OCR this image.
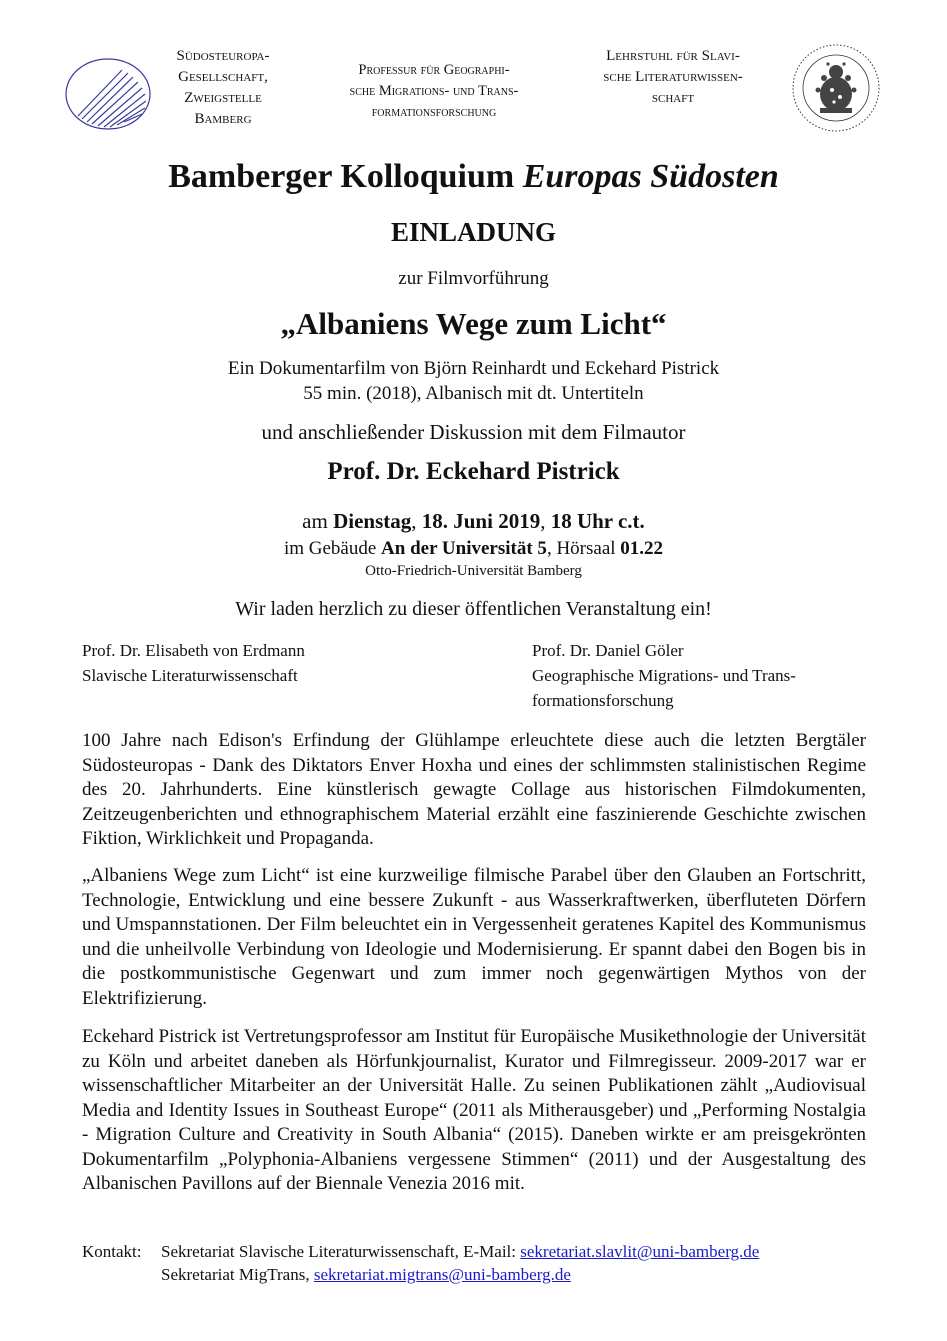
Südosteuropa-
Gesellschaft,
Zweigstelle
Bamberg
Professur für Geographi-
sche Migrations- und Trans-
formationsforschung
Lehrstuhl für Slavi-
sche Literaturwissen-
schaft
Bamberger Kolloquium Europas Südosten
EINLADUNG
zur Filmvorführung
„Albaniens Wege zum Licht“
Ein Dokumentarfilm von Björn Reinhardt und Eckehard Pistrick
55 min. (2018), Albanisch mit dt. Untertiteln
und anschließender Diskussion mit dem Filmautor
Prof. Dr. Eckehard Pistrick
am Dienstag, 18. Juni 2019, 18 Uhr c.t.
im Gebäude An der Universität 5, Hörsaal 01.22
Otto-Friedrich-Universität Bamberg
Wir laden herzlich zu dieser öffentlichen Veranstaltung ein!
Prof. Dr. Elisabeth von Erdmann
Slavische Literaturwissenschaft
Prof. Dr. Daniel Göler
Geographische Migrations- und Trans-
formationsforschung
100 Jahre nach Edison's Erfindung der Glühlampe erleuchtete diese auch die letzten Bergtäler Südosteuropas - Dank des Diktators Enver Hoxha und eines der schlimmsten stalinistischen Regime des 20. Jahrhunderts. Eine künstlerisch gewagte Collage aus historischen Filmdokumenten, Zeitzeugenberichten und ethnographischem Material erzählt eine faszinierende Geschichte zwischen Fiktion, Wirklichkeit und Propaganda.
„Albaniens Wege zum Licht“ ist eine kurzweilige filmische Parabel über den Glauben an Fortschritt, Technologie, Entwicklung und eine bessere Zukunft - aus Wasserkraftwerken, überfluteten Dörfern und Umspannstationen. Der Film beleuchtet ein in Vergessenheit geratenes Kapitel des Kommunismus und die unheilvolle Verbindung von Ideologie und Modernisierung. Er spannt dabei den Bogen bis in die postkommunistische Gegenwart und zum immer noch gegenwärtigen Mythos von der Elektrifizierung.
Eckehard Pistrick ist Vertretungsprofessor am Institut für Europäische Musikethnologie der Universität zu Köln und arbeitet daneben als Hörfunkjournalist, Kurator und Filmregisseur. 2009-2017 war er wissenschaftlicher Mitarbeiter an der Universität Halle. Zu seinen Publikationen zählt „Audiovisual Media and Identity Issues in Southeast Europe“ (2011 als Mitherausgeber) und „Performing Nostalgia - Migration Culture and Creativity in South Albania“ (2015). Daneben wirkte er am preisgekrönten Dokumentarfilm „Polyphonia-Albaniens vergessene Stimmen“ (2011) und der Ausgestaltung des Albanischen Pavillons auf der Biennale Venezia 2016 mit.
Kontakt: Sekretariat Slavische Literaturwissenschaft, E-Mail: sekretariat.slavlit@uni-bamberg.de
Sekretariat MigTrans, sekretariat.migtrans@uni-bamberg.de
